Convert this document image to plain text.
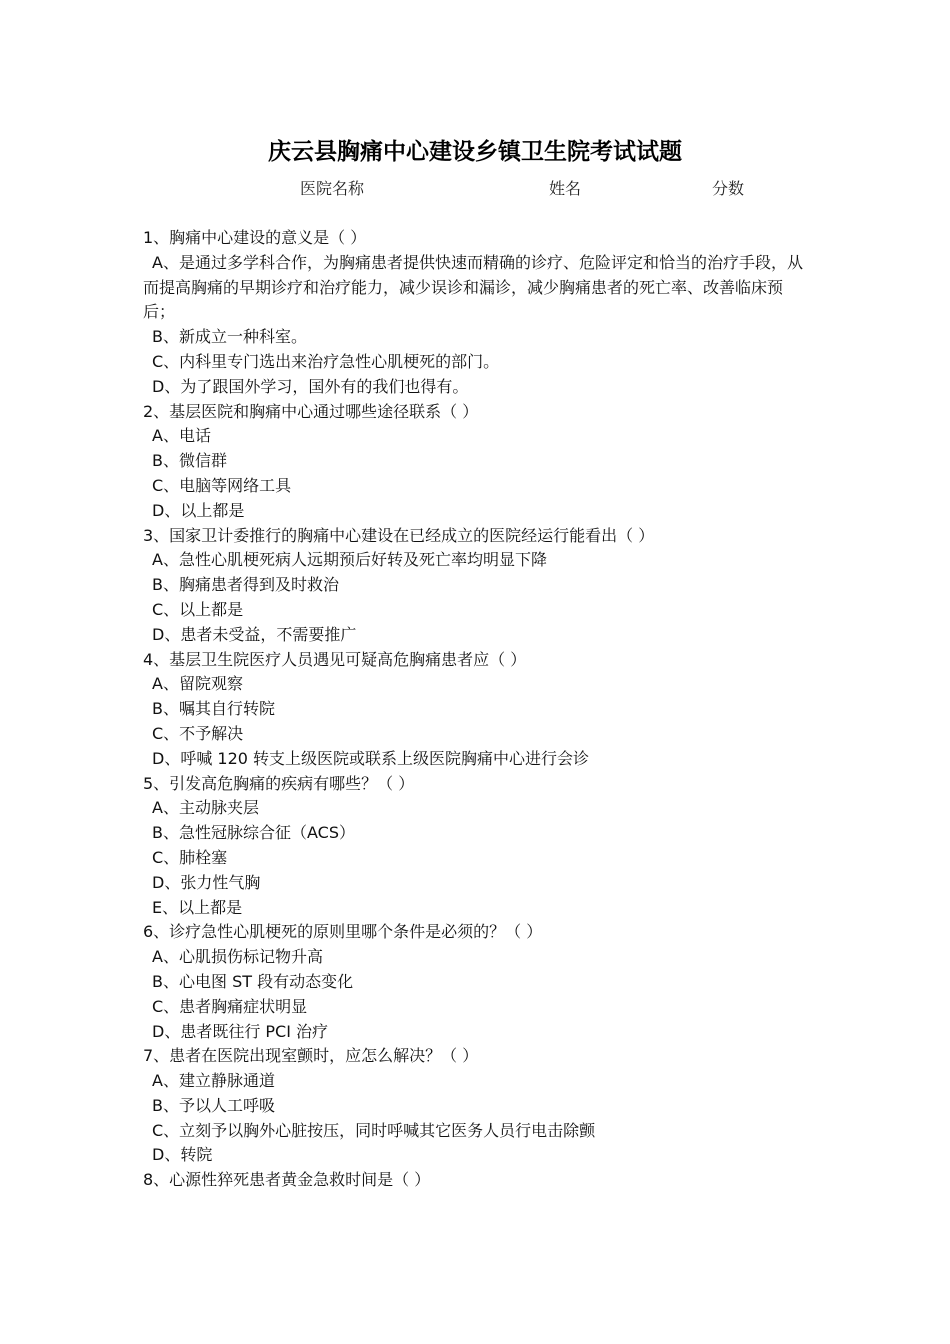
庆云县胸痛中心建设乡镇卫生院考试试题
医院名称	姓名	分数
1、胸痛中心建设的意义是（ ）
A、是通过多学科合作，为胸痛患者提供快速而精确的诊疗、危险评定和恰当的治疗手段，从而提高胸痛的早期诊疗和治疗能力，减少误诊和漏诊，减少胸痛患者的死亡率、改善临床预后；
B、新成立一种科室。
C、内科里专门选出来治疗急性心肌梗死的部门。
D、为了跟国外学习，国外有的我们也得有。
2、基层医院和胸痛中心通过哪些途径联系（ ）
A、电话
B、微信群
C、电脑等网络工具
D、以上都是
3、国家卫计委推行的胸痛中心建设在已经成立的医院经运行能看出（ ）
A、急性心肌梗死病人远期预后好转及死亡率均明显下降
B、胸痛患者得到及时救治
C、以上都是
D、患者未受益，不需要推广
4、基层卫生院医疗人员遇见可疑高危胸痛患者应（ ）
A、留院观察
B、嘱其自行转院
C、不予解决
D、呼喊 120 转支上级医院或联系上级医院胸痛中心进行会诊
5、引发高危胸痛的疾病有哪些？（ ）
A、主动脉夹层
B、急性冠脉综合征（ACS）
C、肺栓塞
D、张力性气胸
E、以上都是
6、诊疗急性心肌梗死的原则里哪个条件是必须的？（ ）
A、心肌损伤标记物升高
B、心电图 ST 段有动态变化
C、患者胸痛症状明显
D、患者既往行 PCI 治疗
7、患者在医院出现室颤时，应怎么解决？（ ）
A、建立静脉通道
B、予以人工呼吸
C、立刻予以胸外心脏按压，同时呼喊其它医务人员行电击除颤
D、转院
8、心源性猝死患者黄金急救时间是（ ）
